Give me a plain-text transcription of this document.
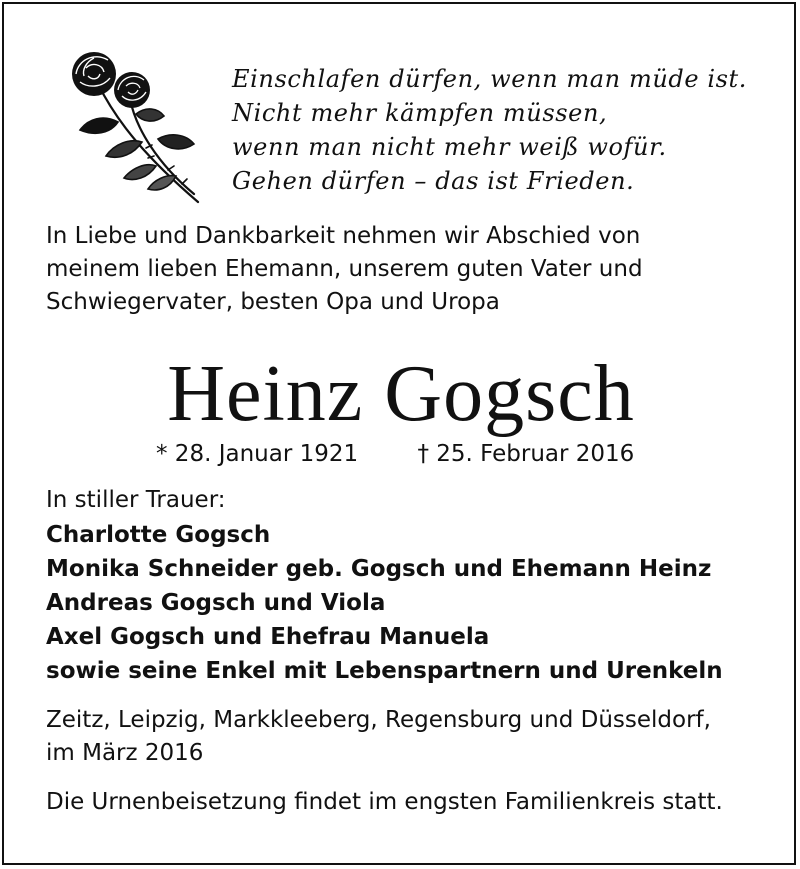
Einschlafen dürfen, wenn man müde ist.
Nicht mehr kämpfen müssen,
wenn man nicht mehr weiß wofür.
Gehen dürfen – das ist Frieden.
In Liebe und Dankbarkeit nehmen wir Abschied von
meinem lieben Ehemann, unserem guten Vater und
Schwiegervater, besten Opa und Uropa
Heinz Gogsch
* 28. Januar 1921	† 25. Februar 2016
In stiller Trauer:
Charlotte Gogsch
Monika Schneider geb. Gogsch und Ehemann Heinz
Andreas Gogsch und Viola
Axel Gogsch und Ehefrau Manuela
sowie seine Enkel mit Lebenspartnern und Urenkeln
Zeitz, Leipzig, Markkleeberg, Regensburg und Düsseldorf,
im März 2016
Die Urnenbeisetzung findet im engsten Familienkreis statt.
